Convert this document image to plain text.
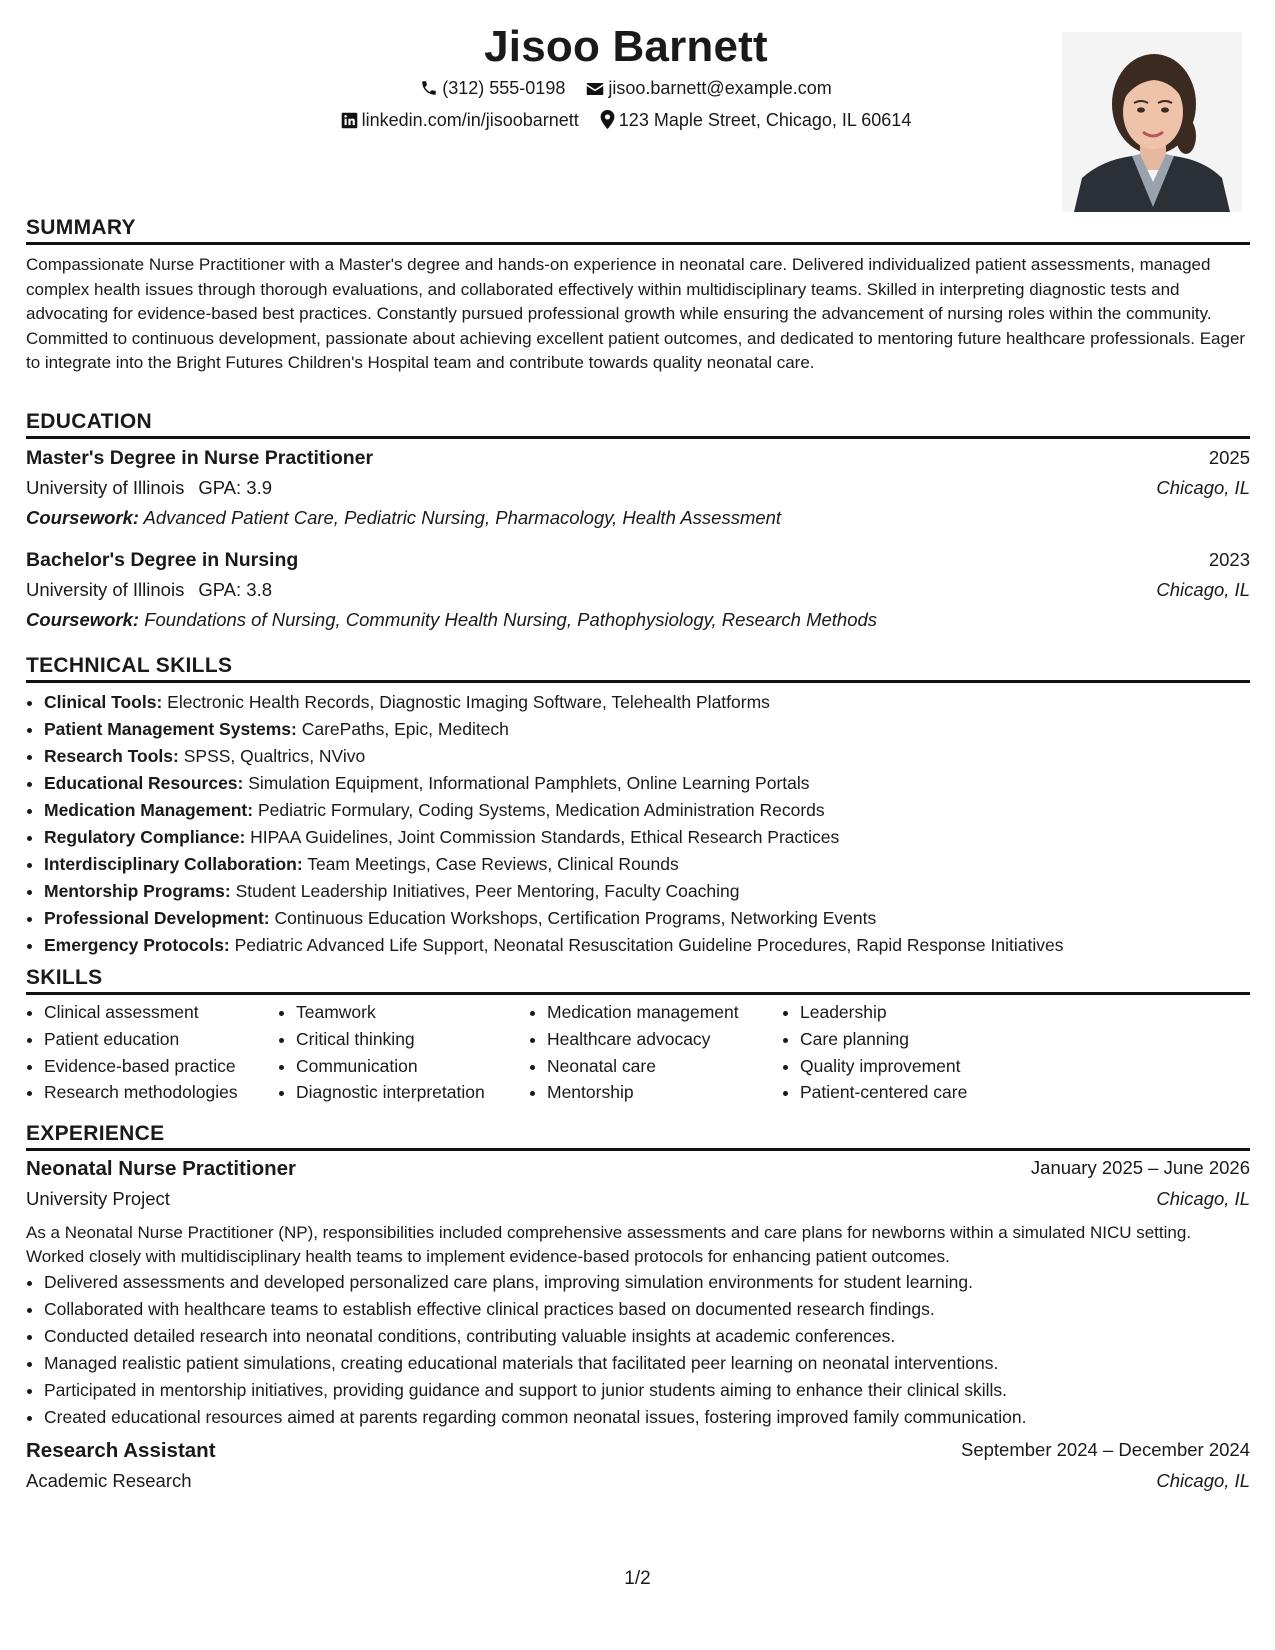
Jisoo Barnett
(312) 555-0198 jisoo.barnett@example.com
linkedin.com/in/jisoobarnett 123 Maple Street, Chicago, IL 60614
SUMMARY
Compassionate Nurse Practitioner with a Master's degree and hands-on experience in neonatal care. Delivered individualized patient assessments, managed complex health issues through thorough evaluations, and collaborated effectively within multidisciplinary teams. Skilled in interpreting diagnostic tests and advocating for evidence-based best practices. Constantly pursued professional growth while ensuring the advancement of nursing roles within the community. Committed to continuous development, passionate about achieving excellent patient outcomes, and dedicated to mentoring future healthcare professionals. Eager to integrate into the Bright Futures Children's Hospital team and contribute towards quality neonatal care.
EDUCATION
Master's Degree in Nurse Practitioner	2025
University of Illinois GPA: 3.9	Chicago, IL
Coursework: Advanced Patient Care, Pediatric Nursing, Pharmacology, Health Assessment
Bachelor's Degree in Nursing	2023
University of Illinois GPA: 3.8	Chicago, IL
Coursework: Foundations of Nursing, Community Health Nursing, Pathophysiology, Research Methods
TECHNICAL SKILLS
• Clinical Tools: Electronic Health Records, Diagnostic Imaging Software, Telehealth Platforms
• Patient Management Systems: CarePaths, Epic, Meditech
• Research Tools: SPSS, Qualtrics, NVivo
• Educational Resources: Simulation Equipment, Informational Pamphlets, Online Learning Portals
• Medication Management: Pediatric Formulary, Coding Systems, Medication Administration Records
• Regulatory Compliance: HIPAA Guidelines, Joint Commission Standards, Ethical Research Practices
• Interdisciplinary Collaboration: Team Meetings, Case Reviews, Clinical Rounds
• Mentorship Programs: Student Leadership Initiatives, Peer Mentoring, Faculty Coaching
• Professional Development: Continuous Education Workshops, Certification Programs, Networking Events
• Emergency Protocols: Pediatric Advanced Life Support, Neonatal Resuscitation Guideline Procedures, Rapid Response Initiatives
SKILLS
• Clinical assessment
• Patient education
• Evidence-based practice
• Research methodologies
• Teamwork
• Critical thinking
• Communication
• Diagnostic interpretation
• Medication management
• Healthcare advocacy
• Neonatal care
• Mentorship
• Leadership
• Care planning
• Quality improvement
• Patient-centered care
EXPERIENCE
Neonatal Nurse Practitioner	January 2025 – June 2026
University Project	Chicago, IL
As a Neonatal Nurse Practitioner (NP), responsibilities included comprehensive assessments and care plans for newborns within a simulated NICU setting. Worked closely with multidisciplinary health teams to implement evidence-based protocols for enhancing patient outcomes.
• Delivered assessments and developed personalized care plans, improving simulation environments for student learning.
• Collaborated with healthcare teams to establish effective clinical practices based on documented research findings.
• Conducted detailed research into neonatal conditions, contributing valuable insights at academic conferences.
• Managed realistic patient simulations, creating educational materials that facilitated peer learning on neonatal interventions.
• Participated in mentorship initiatives, providing guidance and support to junior students aiming to enhance their clinical skills.
• Created educational resources aimed at parents regarding common neonatal issues, fostering improved family communication.
Research Assistant	September 2024 – December 2024
Academic Research	Chicago, IL
1/2
